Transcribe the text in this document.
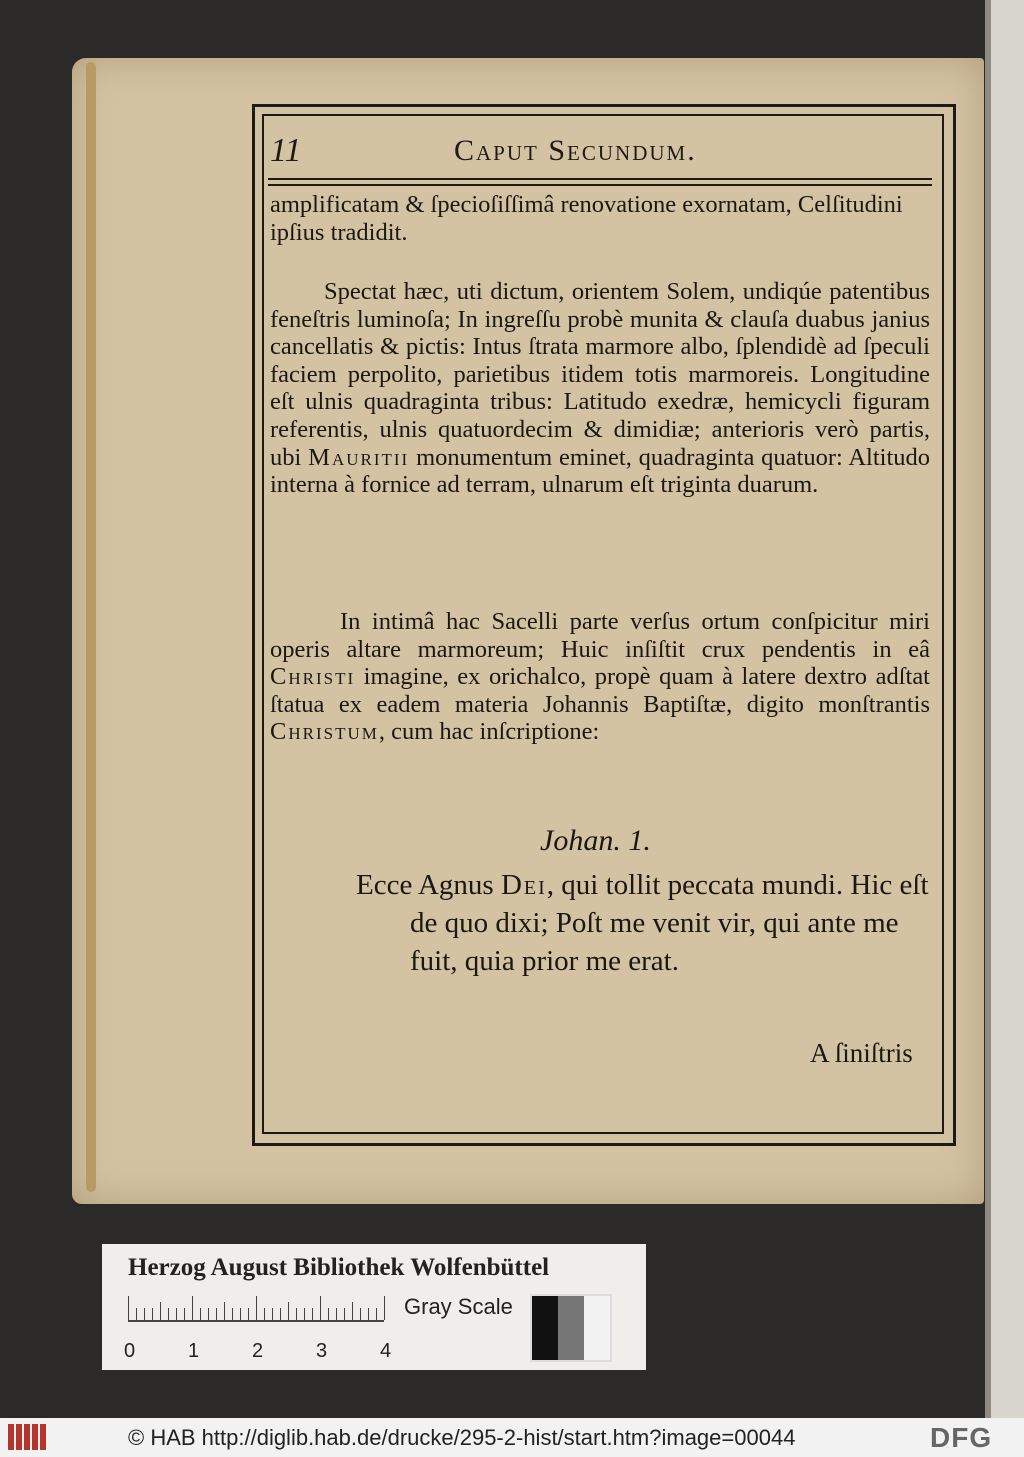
11	Caput Secundum.
amplificatam & ſpecioſiſſimâ renovatione exornatam, Celſitudini ipſius tradidit.
Spectat hæc, uti dictum, orientem Solem, undiqúe patentibus feneſtris luminoſa; In ingreſſu probè munita & clauſa duabus janius cancellatis & pictis: Intus ſtrata marmore albo, ſplendidè ad ſpeculi faciem perpolito, parietibus itidem totis marmoreis. Longitudine eſt ulnis quadraginta tribus: Latitudo exedræ, hemicycli figuram referentis, ulnis quatuordecim & dimidiæ; anterioris verò partis, ubi Mauritii monumentum eminet, quadraginta quatuor: Altitudo interna à fornice ad terram, ulnarum eſt triginta duarum.
In intimâ hac Sacelli parte verſus ortum conſpicitur miri operis altare marmoreum; Huic inſiſtit crux pendentis in eâ Christi imagine, ex orichalco, propè quam à latere dextro adſtat ſtatua ex eadem materia Johannis Baptiſtæ, digito monſtrantis Christum, cum hac inſcriptione:
Johan. 1.
Ecce Agnus Dei, qui tollit peccata mundi. Hic eſt de quo dixi; Poſt me venit vir, qui ante me fuit, quia prior me erat.
A ſiniſtris
Herzog August Bibliothek Wolfenbüttel
0	1	2	3	4
Gray Scale
© HAB http://diglib.hab.de/drucke/295-2-hist/start.htm?image=00044	DFG
